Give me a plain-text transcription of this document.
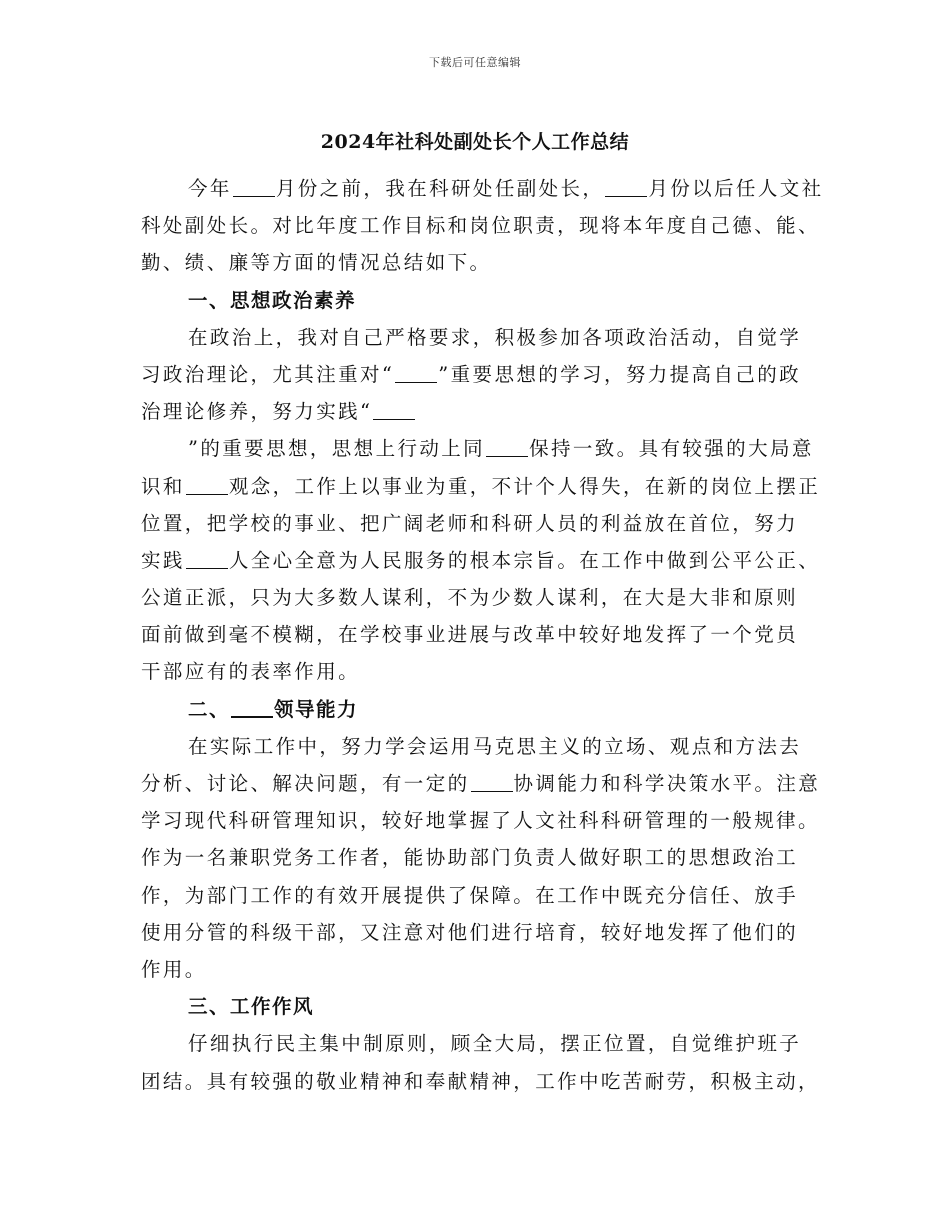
下载后可任意编辑
2024年社科处副处长个人工作总结
今年 月份之前，我在科研处任副处长， 月份以后任人文社
科处副处长。对比年度工作目标和岗位职责，现将本年度自己德、能、
勤、绩、廉等方面的情况总结如下。
一、思想政治素养
在政治上，我对自己严格要求，积极参加各项政治活动，自觉学
习政治理论，尤其注重对“ ”重要思想的学习，努力提高自己的政
治理论修养，努力实践“
”的重要思想，思想上行动上同 保持一致。具有较强的大局意
识和 观念，工作上以事业为重，不计个人得失，在新的岗位上摆正
位置，把学校的事业、把广阔老师和科研人员的利益放在首位，努力
实践 人全心全意为人民服务的根本宗旨。在工作中做到公平公正、
公道正派，只为大多数人谋利，不为少数人谋利，在大是大非和原则
面前做到毫不模糊，在学校事业进展与改革中较好地发挥了一个党员
干部应有的表率作用。
二、 领导能力
在实际工作中，努力学会运用马克思主义的立场、观点和方法去
分析、讨论、解决问题，有一定的 协调能力和科学决策水平。注意
学习现代科研管理知识，较好地掌握了人文社科科研管理的一般规律。
作为一名兼职党务工作者，能协助部门负责人做好职工的思想政治工
作，为部门工作的有效开展提供了保障。在工作中既充分信任、放手
使用分管的科级干部，又注意对他们进行培育，较好地发挥了他们的
作用。
三、工作作风
仔细执行民主集中制原则，顾全大局，摆正位置，自觉维护班子
团结。具有较强的敬业精神和奉献精神，工作中吃苦耐劳，积极主动，
